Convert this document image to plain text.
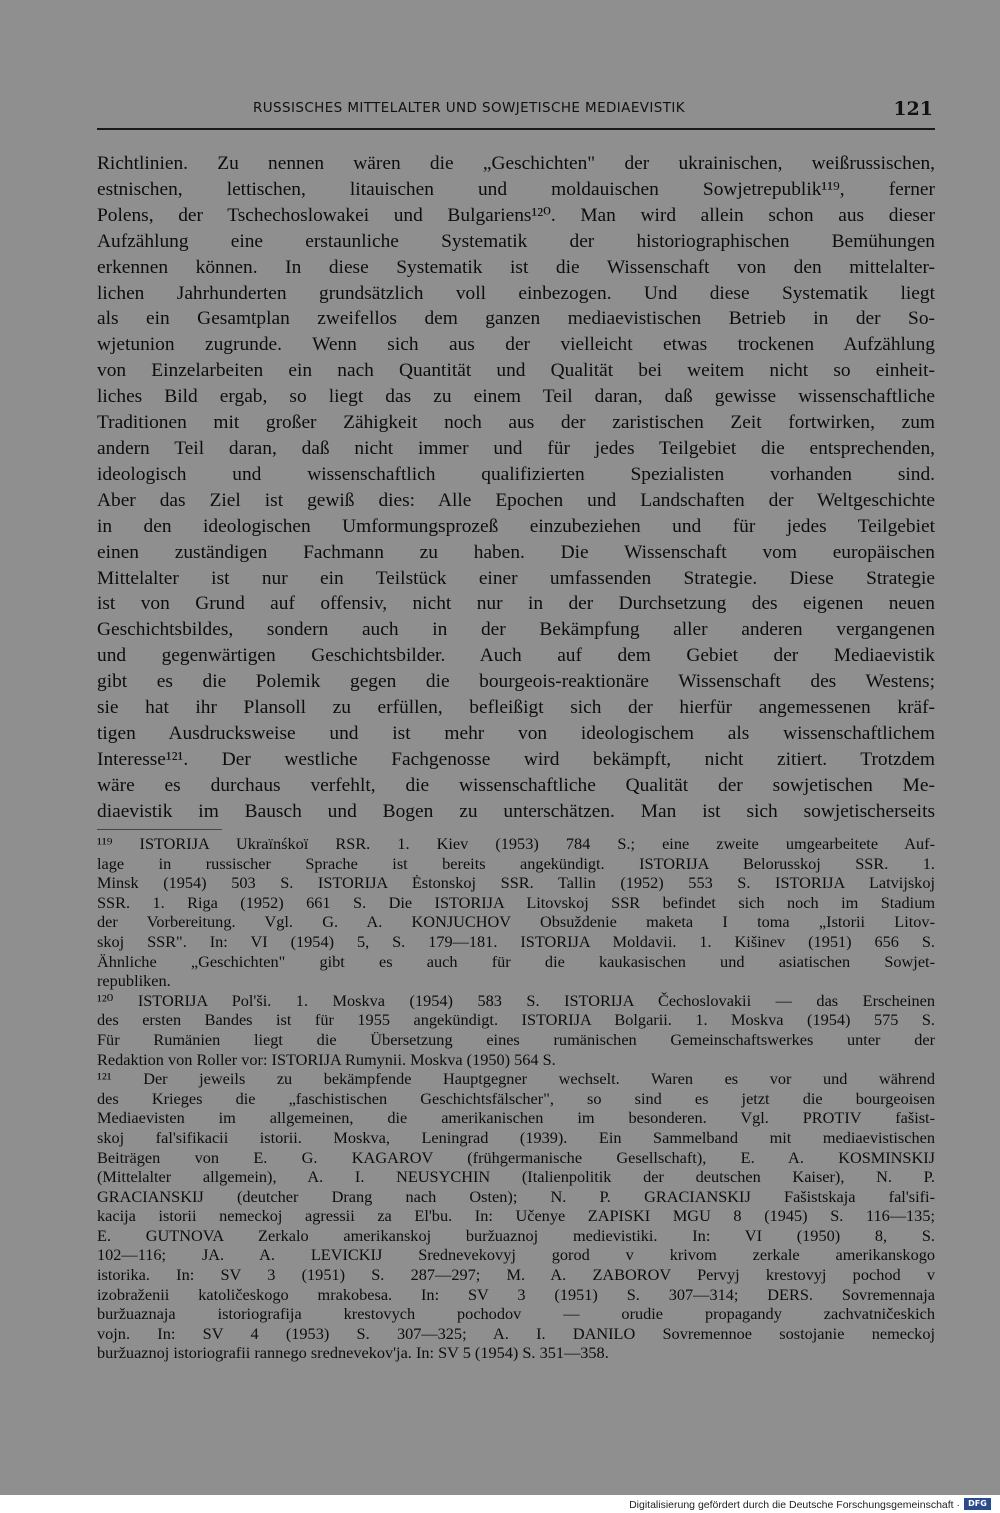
RUSSISCHES MITTELALTER UND SOWJETISCHE MEDIAEVISTIK	121
Richtlinien. Zu nennen wären die „Geschichten" der ukrainischen, weißrussischen,
estnischen, lettischen, litauischen und moldauischen Sowjetrepublik¹¹⁹, ferner
Polens, der Tschechoslowakei und Bulgariens¹²⁰. Man wird allein schon aus dieser
Aufzählung eine erstaunliche Systematik der historiographischen Bemühungen
erkennen können. In diese Systematik ist die Wissenschaft von den mittelalter-
lichen Jahrhunderten grundsätzlich voll einbezogen. Und diese Systematik liegt
als ein Gesamtplan zweifellos dem ganzen mediaevistischen Betrieb in der So-
wjetunion zugrunde. Wenn sich aus der vielleicht etwas trockenen Aufzählung
von Einzelarbeiten ein nach Quantität und Qualität bei weitem nicht so einheit-
liches Bild ergab, so liegt das zu einem Teil daran, daß gewisse wissenschaftliche
Traditionen mit großer Zähigkeit noch aus der zaristischen Zeit fortwirken, zum
andern Teil daran, daß nicht immer und für jedes Teilgebiet die entsprechenden,
ideologisch und wissenschaftlich qualifizierten Spezialisten vorhanden sind.
Aber das Ziel ist gewiß dies: Alle Epochen und Landschaften der Weltgeschichte
in den ideologischen Umformungsprozeß einzubeziehen und für jedes Teilgebiet
einen zuständigen Fachmann zu haben. Die Wissenschaft vom europäischen
Mittelalter ist nur ein Teilstück einer umfassenden Strategie. Diese Strategie
ist von Grund auf offensiv, nicht nur in der Durchsetzung des eigenen neuen
Geschichtsbildes, sondern auch in der Bekämpfung aller anderen vergangenen
und gegenwärtigen Geschichtsbilder. Auch auf dem Gebiet der Mediaevistik
gibt es die Polemik gegen die bourgeois-reaktionäre Wissenschaft des Westens;
sie hat ihr Plansoll zu erfüllen, befleißigt sich der hierfür angemessenen kräf-
tigen Ausdrucksweise und ist mehr von ideologischem als wissenschaftlichem
Interesse¹²¹. Der westliche Fachgenosse wird bekämpft, nicht zitiert. Trotzdem
wäre es durchaus verfehlt, die wissenschaftliche Qualität der sowjetischen Me-
diaevistik im Bausch und Bogen zu unterschätzen. Man ist sich sowjetischerseits
¹¹⁹ ISTORIJA Ukraïnśkoï RSR. 1. Kiev (1953) 784 S.; eine zweite umgearbeitete Auf-
lage in russischer Sprache ist bereits angekündigt. ISTORIJA Belorusskoj SSR. 1.
Minsk (1954) 503 S. ISTORIJA Ėstonskoj SSR. Tallin (1952) 553 S. ISTORIJA Latvijskoj
SSR. 1. Riga (1952) 661 S. Die ISTORIJA Litovskoj SSR befindet sich noch im Stadium
der Vorbereitung. Vgl. G. A. KONJUCHOV Obsuždenie maketa I toma „Istorii Litov-
skoj SSR". In: VI (1954) 5, S. 179—181. ISTORIJA Moldavii. 1. Kišinev (1951) 656 S.
Ähnliche „Geschichten" gibt es auch für die kaukasischen und asiatischen Sowjet-
republiken.
¹²⁰ ISTORIJA Pol'ši. 1. Moskva (1954) 583 S. ISTORIJA Čechoslovakii — das Erscheinen
des ersten Bandes ist für 1955 angekündigt. ISTORIJA Bolgarii. 1. Moskva (1954) 575 S.
Für Rumänien liegt die Übersetzung eines rumänischen Gemeinschaftswerkes unter der
Redaktion von Roller vor: ISTORIJA Rumynii. Moskva (1950) 564 S.
¹²¹ Der jeweils zu bekämpfende Hauptgegner wechselt. Waren es vor und während
des Krieges die „faschistischen Geschichtsfälscher", so sind es jetzt die bourgeoisen
Mediaevisten im allgemeinen, die amerikanischen im besonderen. Vgl. PROTIV fašist-
skoj fal'sifikacii istorii. Moskva, Leningrad (1939). Ein Sammelband mit mediaevistischen
Beiträgen von E. G. KAGAROV (frühgermanische Gesellschaft), E. A. KOSMINSKIJ
(Mittelalter allgemein), A. I. NEUSYCHIN (Italienpolitik der deutschen Kaiser), N. P.
GRACIANSKIJ (deutcher Drang nach Osten); N. P. GRACIANSKIJ Fašistskaja fal'sifi-
kacija istorii nemeckoj agressii za El'bu. In: Učenye ZAPISKI MGU 8 (1945) S. 116—135;
E. GUTNOVA Zerkalo amerikanskoj buržuaznoj medievistiki. In: VI (1950) 8, S.
102—116; JA. A. LEVICKIJ Srednevekovyj gorod v krivom zerkale amerikanskogo
istorika. In: SV 3 (1951) S. 287—297; M. A. ZABOROV Pervyj krestovyj pochod v
izobraženii katoličeskogo mrakobesa. In: SV 3 (1951) S. 307—314; DERS. Sovremennaja
buržuaznaja istoriografija krestovych pochodov — orudie propagandy zachvatničeskich
vojn. In: SV 4 (1953) S. 307—325; A. I. DANILO Sovremennoe sostojanie nemeckoj
buržuaznoj istoriografii rannego srednevekov'ja. In: SV 5 (1954) S. 351—358.
Digitalisierung gefördert durch die Deutsche Forschungsgemeinschaft ·	DFG
